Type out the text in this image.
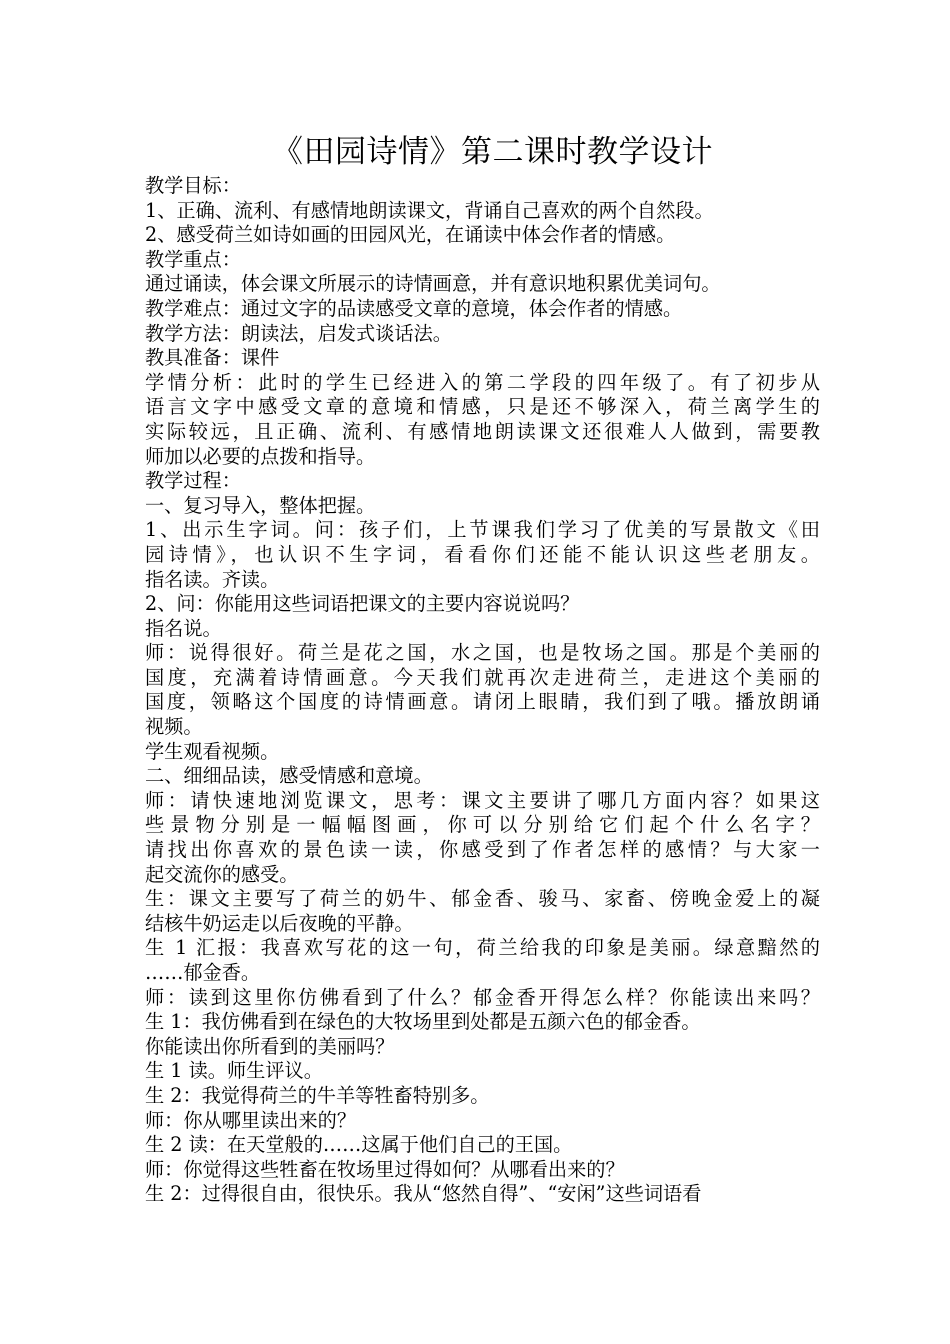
《田园诗情》第二课时教学设计
教学目标：
1、正确、流利、有感情地朗读课文，背诵自己喜欢的两个自然段。
2、感受荷兰如诗如画的田园风光，在诵读中体会作者的情感。
教学重点：
通过诵读，体会课文所展示的诗情画意，并有意识地积累优美词句。
教学难点：通过文字的品读感受文章的意境，体会作者的情感。
教学方法：朗读法，启发式谈话法。
教具准备：课件
学情分析：此时的学生已经进入的第二学段的四年级了。有了初步从
语言文字中感受文章的意境和情感，只是还不够深入，荷兰离学生的
实际较远，且正确、流利、有感情地朗读课文还很难人人做到，需要教
师加以必要的点拨和指导。
教学过程：
一、复习导入，整体把握。
1、出示生字词。问：孩子们，上节课我们学习了优美的写景散文《田
园诗情》，也认识不生字词，看看你们还能不能认识这些老朋友。
指名读。齐读。
2、问：你能用这些词语把课文的主要内容说说吗？
指名说。
师：说得很好。荷兰是花之国，水之国，也是牧场之国。那是个美丽的
国度，充满着诗情画意。今天我们就再次走进荷兰，走进这个美丽的
国度，领略这个国度的诗情画意。请闭上眼睛，我们到了哦。播放朗诵
视频。
学生观看视频。
二、细细品读，感受情感和意境。
师：请快速地浏览课文，思考：课文主要讲了哪几方面内容？如果这
些景物分别是一幅幅图画，你可以分别给它们起个什么名字？
请找出你喜欢的景色读一读，你感受到了作者怎样的感情？与大家一
起交流你的感受。
生：课文主要写了荷兰的奶牛、郁金香、骏马、家畜、傍晚金爱上的凝
结核牛奶运走以后夜晚的平静。
生 1 汇报：我喜欢写花的这一句，荷兰给我的印象是美丽。绿意黯然的
……郁金香。
师：读到这里你仿佛看到了什么？郁金香开得怎么样？你能读出来吗？
生 1：我仿佛看到在绿色的大牧场里到处都是五颜六色的郁金香。
你能读出你所看到的美丽吗？
生 1 读。师生评议。
生 2：我觉得荷兰的牛羊等牲畜特别多。
师：你从哪里读出来的？
生 2 读：在天堂般的……这属于他们自己的王国。
师：你觉得这些牲畜在牧场里过得如何？从哪看出来的？
生 2：过得很自由，很快乐。我从“悠然自得”、“安闲”这些词语看
